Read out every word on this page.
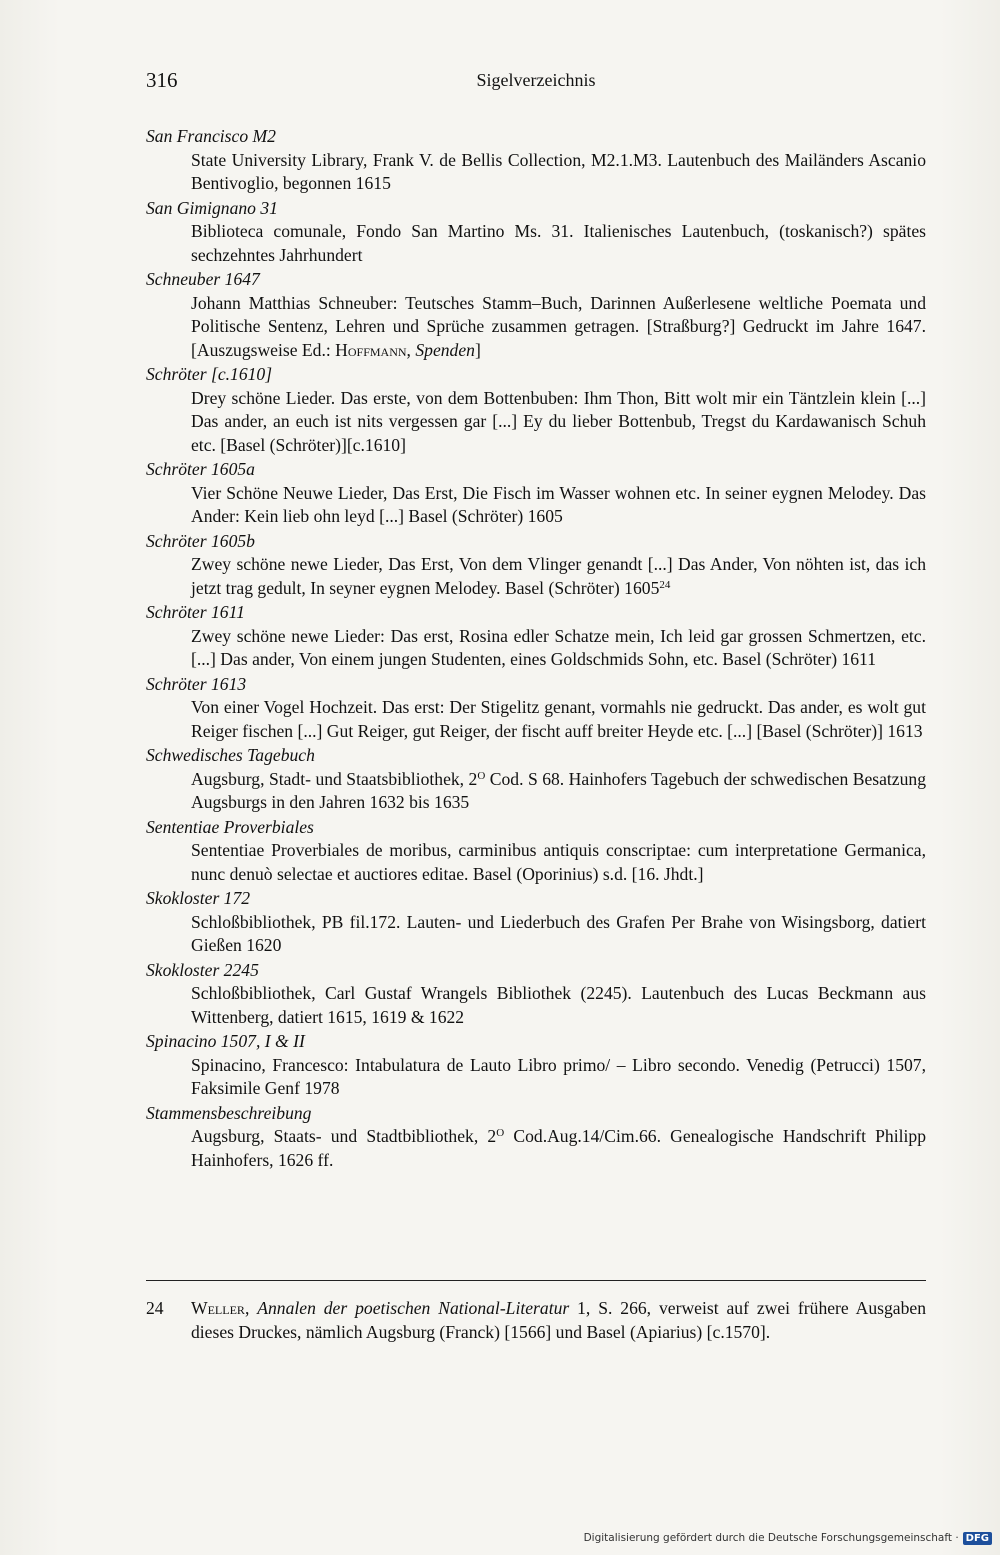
316	Sigelverzeichnis

San Francisco M2

State University Library, Frank V. de Bellis Collection, M2.1.M3. Lautenbuch des Mailänders Ascanio Bentivoglio, begonnen 1615

San Gimignano 31

Biblioteca comunale, Fondo San Martino Ms. 31. Italienisches Lautenbuch, (toskanisch?) spätes sechzehntes Jahrhundert

Schneuber 1647

Johann Matthias Schneuber: Teutsches Stamm–Buch, Darinnen Außerlesene weltliche Poemata und Politische Sentenz, Lehren und Sprüche zusammen getragen. [Straßburg?] Gedruckt im Jahre 1647. [Auszugsweise Ed.: Hoffmann, Spenden]

Schröter [c.1610]

Drey schöne Lieder. Das erste, von dem Bottenbuben: Ihm Thon, Bitt wolt mir ein Täntzlein klein [...] Das ander, an euch ist nits vergessen gar [...] Ey du lieber Bottenbub, Tregst du Kardawanisch Schuh etc. [Basel (Schröter)][c.1610]

Schröter 1605a

Vier Schöne Neuwe Lieder, Das Erst, Die Fisch im Wasser wohnen etc. In seiner eygnen Melodey. Das Ander: Kein lieb ohn leyd [...] Basel (Schröter) 1605

Schröter 1605b

Zwey schöne newe Lieder, Das Erst, Von dem Vlinger genandt [...] Das Ander, Von nöhten ist, das ich jetzt trag gedult, In seyner eygnen Melodey. Basel (Schröter) 1605$^{24}$

Schröter 1611

Zwey schöne newe Lieder: Das erst, Rosina edler Schatze mein, Ich leid gar grossen Schmertzen, etc. [...] Das ander, Von einem jungen Studenten, eines Goldschmids Sohn, etc. Basel (Schröter) 1611

Schröter 1613

Von einer Vogel Hochzeit. Das erst: Der Stigelitz genant, vormahls nie gedruckt. Das ander, es wolt gut Reiger fischen [...] Gut Reiger, gut Reiger, der fischt auff breiter Heyde etc. [...] [Basel (Schröter)] 1613

Schwedisches Tagebuch

Augsburg, Stadt- und Staatsbibliothek, $2^O$ Cod. S 68. Hainhofers Tagebuch der schwedischen Besatzung Augsburgs in den Jahren 1632 bis 1635

Sententiae Proverbiales

Sententiae Proverbiales de moribus, carminibus antiquis conscriptae: cum interpretatione Germanica, nunc denuò selectae et auctiores editae. Basel (Oporinius) s.d. [16. Jhdt.]

Skokloster 172

Schloßbibliothek, PB fil.172. Lauten- und Liederbuch des Grafen Per Brahe von Wisingsborg, datiert Gießen 1620

Skokloster 2245

Schloßbibliothek, Carl Gustaf Wrangels Bibliothek (2245). Lautenbuch des Lucas Beckmann aus Wittenberg, datiert 1615, 1619 & 1622

Spinacino 1507, I & II

Spinacino, Francesco: Intabulatura de Lauto Libro primo/ – Libro secondo. Venedig (Petrucci) 1507, Faksimile Genf 1978

Stammensbeschreibung

Augsburg, Staats- und Stadtbibliothek, $2^O$ Cod.Aug.14/Cim.66. Genealogische Handschrift Philipp Hainhofers, 1626 ff.

24 Weller, Annalen der poetischen National-Literatur 1, S. 266, verweist auf zwei frühere Ausgaben dieses Druckes, nämlich Augsburg (Franck) [1566] und Basel (Apiarius) [c.1570].
Digitalisierung gefördert durch die Deutsche Forschungsgemeinschaft · DFG
